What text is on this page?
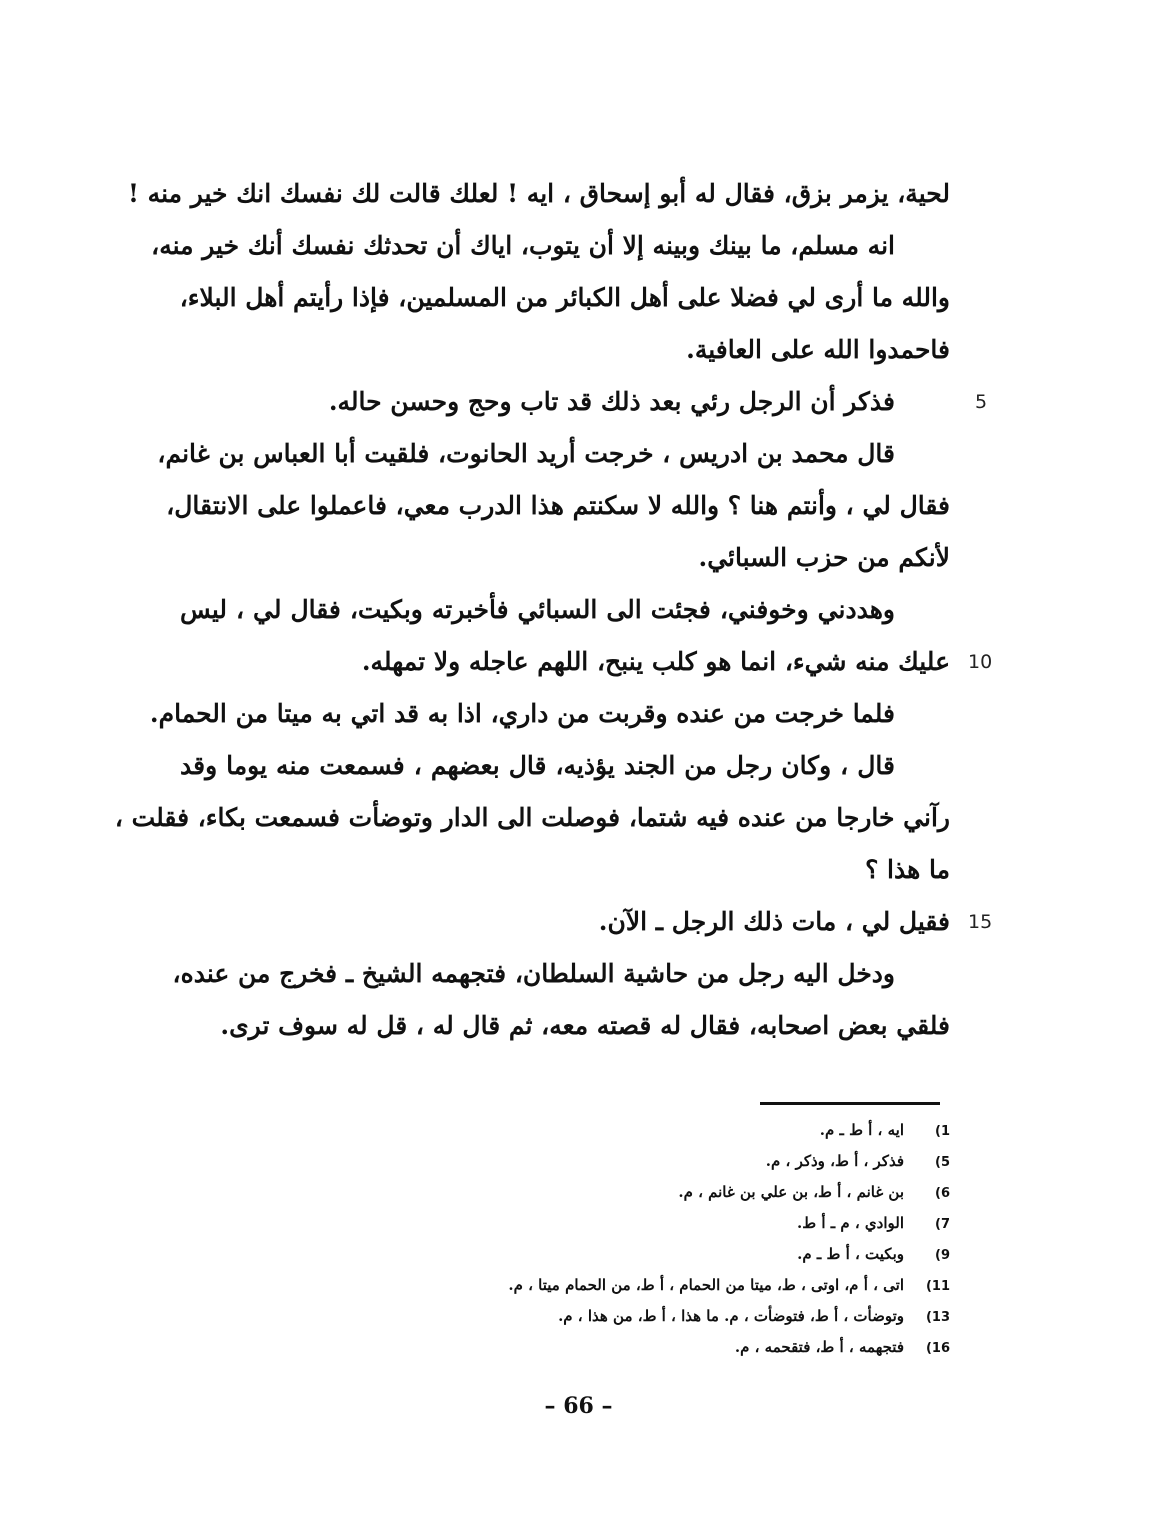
لحية، يزمر بزق، فقال له أبو إسحاق ، ايه ! لعلك قالت لك نفسك انك خير منه !
انه مسلم، ما بينك وبينه إلا أن يتوب، اياك أن تحدثك نفسك أنك خير منه،
والله ما أرى لي فضلا على أهل الكبائر من المسلمين، فإذا رأيتم أهل البلاء،
فاحمدوا الله على العافية.
فذكر أن الرجل رئي بعد ذلك قد تاب وحج وحسن حاله.	5
قال محمد بن ادريس ، خرجت أريد الحانوت، فلقيت أبا العباس بن غانم،
فقال لي ، وأنتم هنا ؟ والله لا سكنتم هذا الدرب معي، فاعملوا على الانتقال،
لأنكم من حزب السبائي.
وهددني وخوفني، فجئت الى السبائي فأخبرته وبكيت، فقال لي ، ليس
عليك منه شيء، انما هو كلب ينبح، اللهم عاجله ولا تمهله. 10
فلما خرجت من عنده وقربت من داري، اذا به قد اتي به ميتا من الحمام.
قال ، وكان رجل من الجند يؤذيه، قال بعضهم ، فسمعت منه يوما وقد
رآني خارجا من عنده فيه شتما، فوصلت الى الدار وتوضأت فسمعت بكاء، فقلت ،
ما هذا ؟
فقيل لي ، مات ذلك الرجل ـ الآن. 15
ودخل اليه رجل من حاشية السلطان، فتجهمه الشيخ ـ فخرج من عنده،
فلقي بعض اصحابه، فقال له قصته معه، ثم قال له ، قل له سوف ترى.
1)ايه ، أ ط ـ م.
5)فذكر ، أ ط، وذكر ، م.
6)بن غانم ، أ ط، بن علي بن غانم ، م.
7)الوادي ، م ـ أ ط.
9)وبكيت ، أ ط ـ م.
11)اتى ، أ م، اوتى ، ط، ميتا من الحمام ، أ ط، من الحمام ميتا ، م.
13)وتوضأت ، أ ط، فتوضأت ، م. ما هذا ، أ ط، من هذا ، م.
16)فتجهمه ، أ ط، فتقحمه ، م.
– 66 –
